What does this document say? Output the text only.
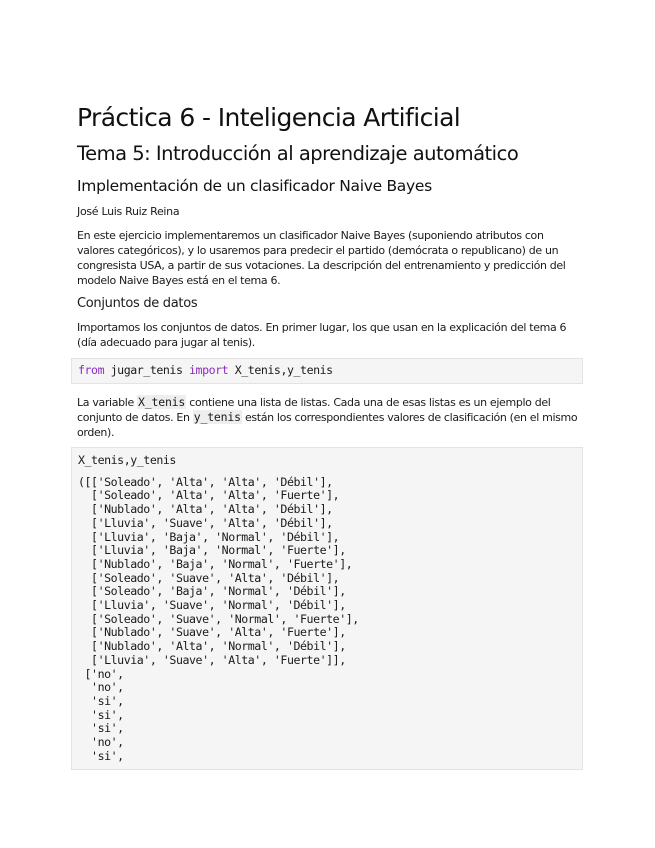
Práctica 6 - Inteligencia Artificial
Tema 5: Introducción al aprendizaje automático
Implementación de un clasificador Naive Bayes

José Luis Ruiz Reina

En este ejercicio implementaremos un clasificador Naive Bayes (suponiendo atributos con
valores categóricos), y lo usaremos para predecir el partido (demócrata o republicano) de un
congresista USA, a partir de sus votaciones. La descripción del entrenamiento y predicción del
modelo Naive Bayes está en el tema 6.

Conjuntos de datos

Importamos los conjuntos de datos. En primer lugar, los que usan en la explicación del tema 6
(día adecuado para jugar al tenis).

from jugar_tenis import X_tenis,y_tenis

La variable X_tenis contiene una lista de listas. Cada una de esas listas es un ejemplo del
conjunto de datos. En y_tenis están los correspondientes valores de clasificación (en el mismo
orden).

X_tenis,y_tenis
([['Soleado', 'Alta', 'Alta', 'Débil'],
['Soleado', 'Alta', 'Alta', 'Fuerte'],
['Nublado', 'Alta', 'Alta', 'Débil'],
['Lluvia', 'Suave', 'Alta', 'Débil'],
['Lluvia', 'Baja', 'Normal', 'Débil'],
['Lluvia', 'Baja', 'Normal', 'Fuerte'],
['Nublado', 'Baja', 'Normal', 'Fuerte'],
['Soleado', 'Suave', 'Alta', 'Débil'],
['Soleado', 'Baja', 'Normal', 'Débil'],
['Lluvia', 'Suave', 'Normal', 'Débil'],
['Soleado', 'Suave', 'Normal', 'Fuerte'],
['Nublado', 'Suave', 'Alta', 'Fuerte'],
['Nublado', 'Alta', 'Normal', 'Débil'],
['Lluvia', 'Suave', 'Alta', 'Fuerte']],
['no',
'no',
'si',
'si',
'si',
'no',
'si',
